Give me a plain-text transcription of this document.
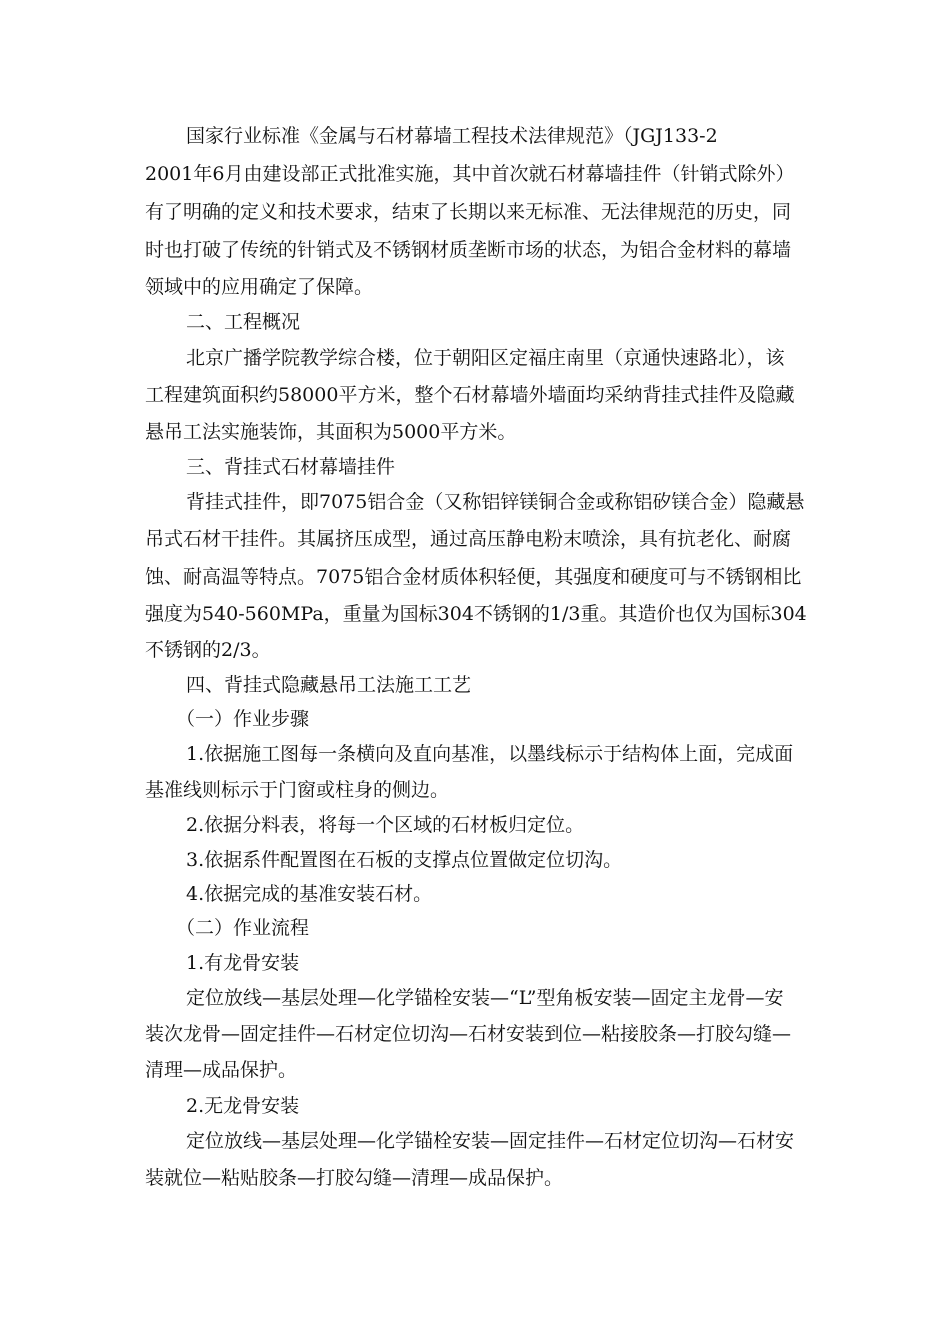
国家行业标准《金属与石材幕墙工程技术法律规范》（JGJ133-2
2001年6月由建设部正式批准实施，其中首次就石材幕墙挂件（针销式除外）
有了明确的定义和技术要求，结束了长期以来无标准、无法律规范的历史，同
时也打破了传统的针销式及不锈钢材质垄断市场的状态，为铝合金材料的幕墙
领域中的应用确定了保障。
二、工程概况
北京广播学院教学综合楼，位于朝阳区定福庄南里（京通快速路北），该
工程建筑面积约58000平方米，整个石材幕墙外墙面均采纳背挂式挂件及隐藏
悬吊工法实施装饰，其面积为5000平方米。
三、背挂式石材幕墙挂件
背挂式挂件，即7075铝合金（又称铝锌镁铜合金或称铝矽镁合金）隐藏悬
吊式石材干挂件。其属挤压成型，通过高压静电粉末喷涂，具有抗老化、耐腐
蚀、耐高温等特点。7075铝合金材质体积轻便，其强度和硬度可与不锈钢相比
强度为540-560MPa，重量为国标304不锈钢的1/3重。其造价也仅为国标304
不锈钢的2/3。
四、背挂式隐藏悬吊工法施工工艺
（一）作业步骤
1.依据施工图每一条横向及直向基准，以墨线标示于结构体上面，完成面
基准线则标示于门窗或柱身的侧边。
2.依据分料表，将每一个区域的石材板归定位。
3.依据系件配置图在石板的支撑点位置做定位切沟。
4.依据完成的基准安装石材。
（二）作业流程
1.有龙骨安装
定位放线—基层处理—化学锚栓安装—“L”型角板安装—固定主龙骨—安
装次龙骨—固定挂件—石材定位切沟—石材安装到位—粘接胶条—打胶勾缝—
清理—成品保护。
2.无龙骨安装
定位放线—基层处理—化学锚栓安装—固定挂件—石材定位切沟—石材安
装就位—粘贴胶条—打胶勾缝—清理—成品保护。
